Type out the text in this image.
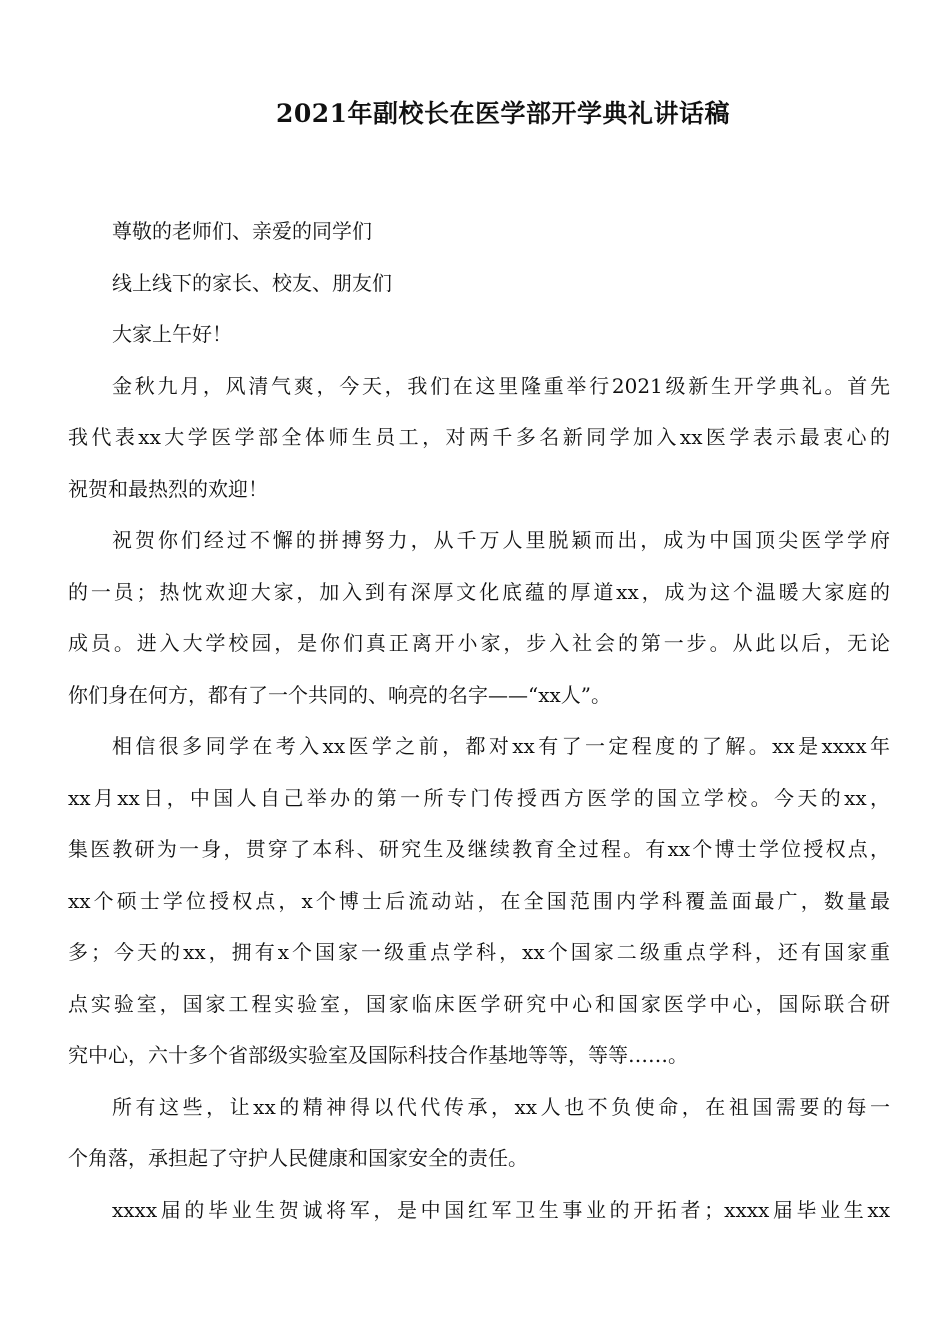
2021年副校长在医学部开学典礼讲话稿
尊敬的老师们、亲爱的同学们
线上线下的家长、校友、朋友们
大家上午好！
金秋九月，风清气爽，今天，我们在这里隆重举行2021级新生开学典礼。首先
我代表xx大学医学部全体师生员工，对两千多名新同学加入xx医学表示最衷心的
祝贺和最热烈的欢迎！
祝贺你们经过不懈的拼搏努力，从千万人里脱颖而出，成为中国顶尖医学学府
的一员；热忱欢迎大家，加入到有深厚文化底蕴的厚道xx，成为这个温暖大家庭的
成员。进入大学校园，是你们真正离开小家，步入社会的第一步。从此以后，无论
你们身在何方，都有了一个共同的、响亮的名字——“xx人”。
相信很多同学在考入xx医学之前，都对xx有了一定程度的了解。xx是xxxx年
xx月xx日，中国人自己举办的第一所专门传授西方医学的国立学校。今天的xx，
集医教研为一身，贯穿了本科、研究生及继续教育全过程。有xx个博士学位授权点，
xx个硕士学位授权点，x个博士后流动站，在全国范围内学科覆盖面最广，数量最
多；今天的xx，拥有x个国家一级重点学科，xx个国家二级重点学科，还有国家重
点实验室，国家工程实验室，国家临床医学研究中心和国家医学中心，国际联合研
究中心，六十多个省部级实验室及国际科技合作基地等等，等等……。
所有这些，让xx的精神得以代代传承，xx人也不负使命，在祖国需要的每一
个角落，承担起了守护人民健康和国家安全的责任。
xxxx届的毕业生贺诚将军，是中国红军卫生事业的开拓者；xxxx届毕业生xx
